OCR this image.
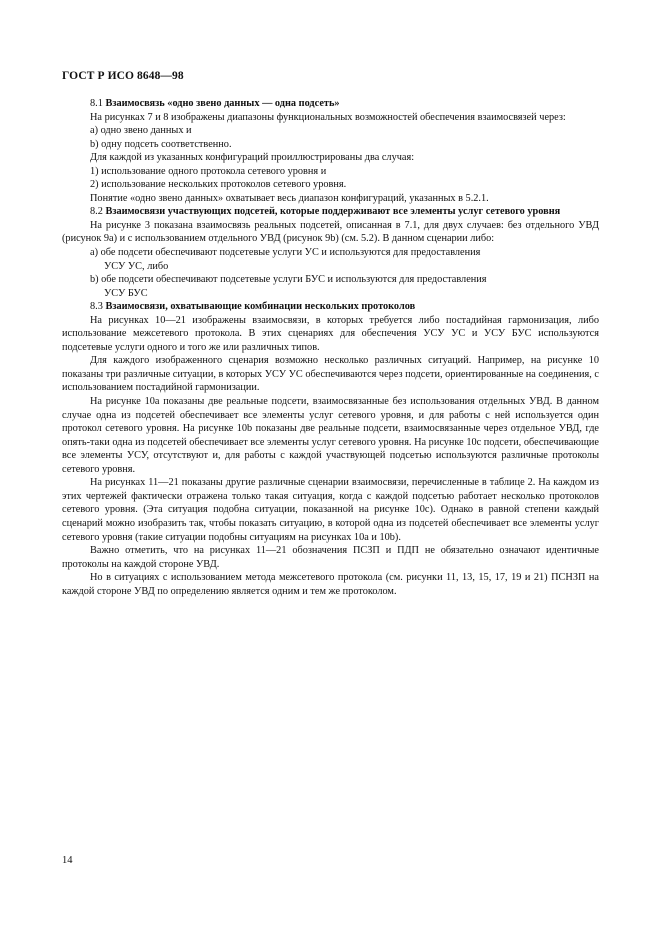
ГОСТ Р ИСО 8648—98

8.1 Взаимосвязь «одно звено данных — одна подсеть»

На рисунках 7 и 8 изображены диапазоны функциональных возможностей обеспечения взаимосвязей через:

а) одно звено данных и

b) одну подсеть соответственно.

Для каждой из указанных конфигураций проиллюстрированы два случая:

1) использование одного протокола сетевого уровня и

2) использование нескольких протоколов сетевого уровня.

Понятие «одно звено данных» охватывает весь диапазон конфигураций, указанных в 5.2.1.

8.2 Взаимосвязи участвующих подсетей, которые поддерживают все элементы услуг сетевого уровня

На рисунке 3 показана взаимосвязь реальных подсетей, описанная в 7.1, для двух случаев: без отдельного УВД (рисунок 9а) и с использованием отдельного УВД (рисунок 9b) (см. 5.2). В данном сценарии либо:

а) обе подсети обеспечивают подсетевые услуги УС и используются для предоставления

УСУ УС, либо

b) обе подсети обеспечивают подсетевые услуги БУС и используются для предоставления

УСУ БУС

8.3 Взаимосвязи, охватывающие комбинации нескольких протоколов

На рисунках 10—21 изображены взаимосвязи, в которых требуется либо постадийная гармонизация, либо использование межсетевого протокола. В этих сценариях для обеспечения УСУ УС и УСУ БУС используются подсетевые услуги одного и того же или различных типов.

Для каждого изображенного сценария возможно несколько различных ситуаций. Например, на рисунке 10 показаны три различные ситуации, в которых УСУ УС обеспечиваются через подсети, ориентированные на соединения, с использованием постадийной гармонизации.

На рисунке 10а показаны две реальные подсети, взаимосвязанные без использования отдельных УВД. В данном случае одна из подсетей обеспечивает все элементы услуг сетевого уровня, и для работы с ней используется один протокол сетевого уровня. На рисунке 10b показаны две реальные подсети, взаимосвязанные через отдельное УВД, где опять-таки одна из подсетей обеспечивает все элементы услуг сетевого уровня. На рисунке 10с подсети, обеспечивающие все элементы УСУ, отсутствуют и, для работы с каждой участвующей подсетью используются различные протоколы сетевого уровня.

На рисунках 11—21 показаны другие различные сценарии взаимосвязи, перечисленные в таблице 2. На каждом из этих чертежей фактически отражена только такая ситуация, когда с каждой подсетью работает несколько протоколов сетевого уровня. (Эта ситуация подобна ситуации, показанной на рисунке 10с). Однако в равной степени каждый сценарий можно изобразить так, чтобы показать ситуацию, в которой одна из подсетей обеспечивает все элементы услуг сетевого уровня (такие ситуации подобны ситуациям на рисунках 10а и 10b).

Важно отметить, что на рисунках 11—21 обозначения ПСЗП и ПДП не обязательно означают идентичные протоколы на каждой стороне УВД.

Но в ситуациях с использованием метода межсетевого протокола (см. рисунки 11, 13, 15, 17, 19 и 21) ПСНЗП на каждой стороне УВД по определению является одним и тем же протоколом.

14
